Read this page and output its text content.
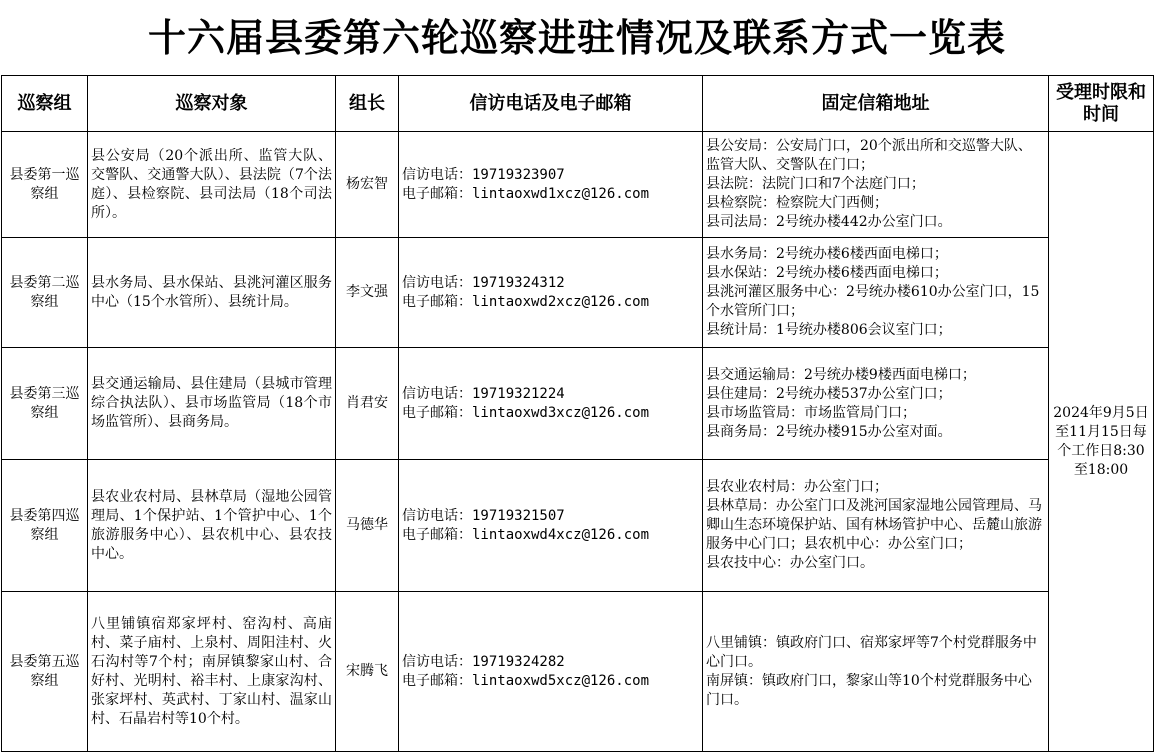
十六届县委第六轮巡察进驻情况及联系方式一览表
巡察组	巡察对象	组长	信访电话及电子邮箱	固定信箱地址	受理时限和时间
县委第一巡察组	县公安局（20个派出所、监管大队、交警队、交通警大队）、县法院（7个法庭）、县检察院、县司法局（18个司法所）。	杨宏智	信访电话：19719323907
电子邮箱：lintaoxwd1xcz@126.com	县公安局：公安局门口，20个派出所和交巡警大队、监管大队、交警队在门口；
县法院：法院门口和7个法庭门口；
县检察院：检察院大门西侧；
县司法局：2号统办楼442办公室门口。	2024年9月5日至11月15日每个工作日8:30至18:00
县委第二巡察组	县水务局、县水保站、县洮河灌区服务中心（15个水管所）、县统计局。	李文强	信访电话：19719324312
电子邮箱：lintaoxwd2xcz@126.com	县水务局：2号统办楼6楼西面电梯口；
县水保站：2号统办楼6楼西面电梯口；
县洮河灌区服务中心：2号统办楼610办公室门口，15个水管所门口；
县统计局：1号统办楼806会议室门口；	

县委第三巡察组	县交通运输局、县住建局（县城市管理综合执法队）、县市场监管局（18个市场监管所）、县商务局。	肖君安	信访电话：19719321224
电子邮箱：lintaoxwd3xcz@126.com	县交通运输局：2号统办楼9楼西面电梯口；
县住建局：2号统办楼537办公室门口；
县市场监管局：市场监管局门口；
县商务局：2号统办楼915办公室对面。	

县委第四巡察组	县农业农村局、县林草局（湿地公园管理局、1个保护站、1个管护中心、1个旅游服务中心）、县农机中心、县农技中心。	马德华	信访电话：19719321507
电子邮箱：lintaoxwd4xcz@126.com	县农业农村局：办公室门口；
县林草局：办公室门口及洮河国家湿地公园管理局、马卿山生态环境保护站、国有林场管护中心、岳麓山旅游服务中心门口；县农机中心：办公室门口；
县农技中心：办公室门口。	

县委第五巡察组	八里铺镇宿郑家坪村、窑沟村、高庙村、菜子庙村、上泉村、周阳洼村、火石沟村等7个村；南屏镇黎家山村、合好村、光明村、裕丰村、上康家沟村、张家坪村、英武村、丁家山村、温家山村、石晶岩村等10个村。	宋腾飞	信访电话：19719324282
电子邮箱：lintaoxwd5xcz@126.com	八里铺镇：镇政府门口、宿郑家坪等7个村党群服务中心门口。
南屏镇：镇政府门口，黎家山等10个村党群服务中心门口。	
